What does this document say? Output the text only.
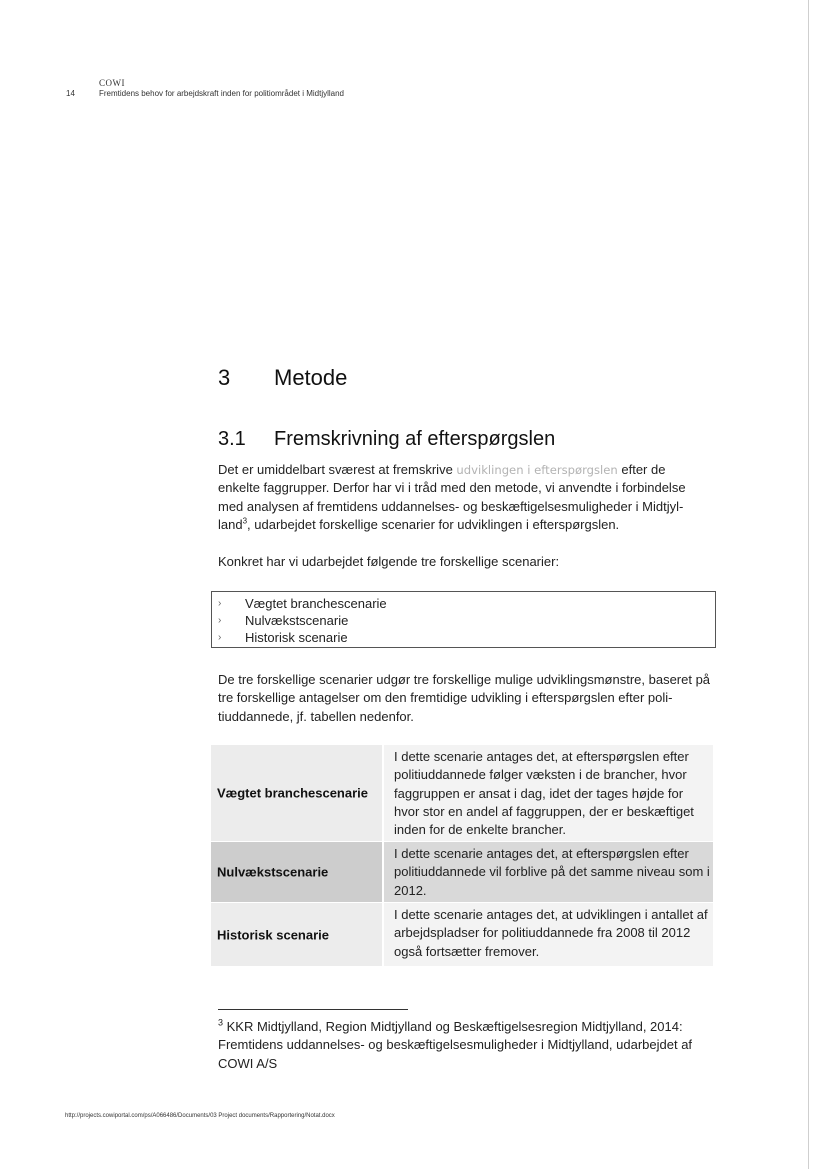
COWI
14	Fremtidens behov for arbejdskraft inden for politiområdet i Midtjylland
3 Metode
3.1 Fremskrivning af efterspørgslen
Det er umiddelbart sværest at fremskrive udviklingen i efterspørgslen efter de
enkelte faggrupper. Derfor har vi i tråd med den metode, vi anvendte i forbindelse med analysen af fremtidens uddannelses- og beskæftigelsesmuligheder i Midtjyl-land$^3$, udarbejdet forskellige scenarier for udviklingen i efterspørgslen.
Konkret har vi udarbejdet følgende tre forskellige scenarier:
› Vægtet branchescenarie
› Nulvækstscenarie
› Historisk scenarie
De tre forskellige scenarier udgør tre forskellige mulige udviklingsmønstre, baseret på tre forskellige antagelser om den fremtidige udvikling i efterspørgslen efter poli-tiuddannede, jf. tabellen nedenfor.
Vægtet branchescenarie
I dette scenarie antages det, at efterspørgslen efter politiuddannede følger væksten i de brancher, hvor faggruppen er ansat i dag, idet der tages højde for hvor stor en andel af faggruppen, der er beskæftiget inden for de enkelte brancher.
Nulvækstscenarie
I dette scenarie antages det, at efterspørgslen efter politiuddannede vil forblive på det samme niveau som i 2012.
Historisk scenarie
I dette scenarie antages det, at udviklingen i antallet af arbejdspladser for politiuddannede fra 2008 til 2012 også fortsætter fremover.
$^3$ KKR Midtjylland, Region Midtjylland og Beskæftigelsesregion Midtjylland, 2014: Fremtidens uddannelses- og beskæftigelsesmuligheder i Midtjylland, udarbejdet af COWI A/S
http://projects.cowiportal.com/ps/A066486/Documents/03 Project documents/Rapportering/Notat.docx
